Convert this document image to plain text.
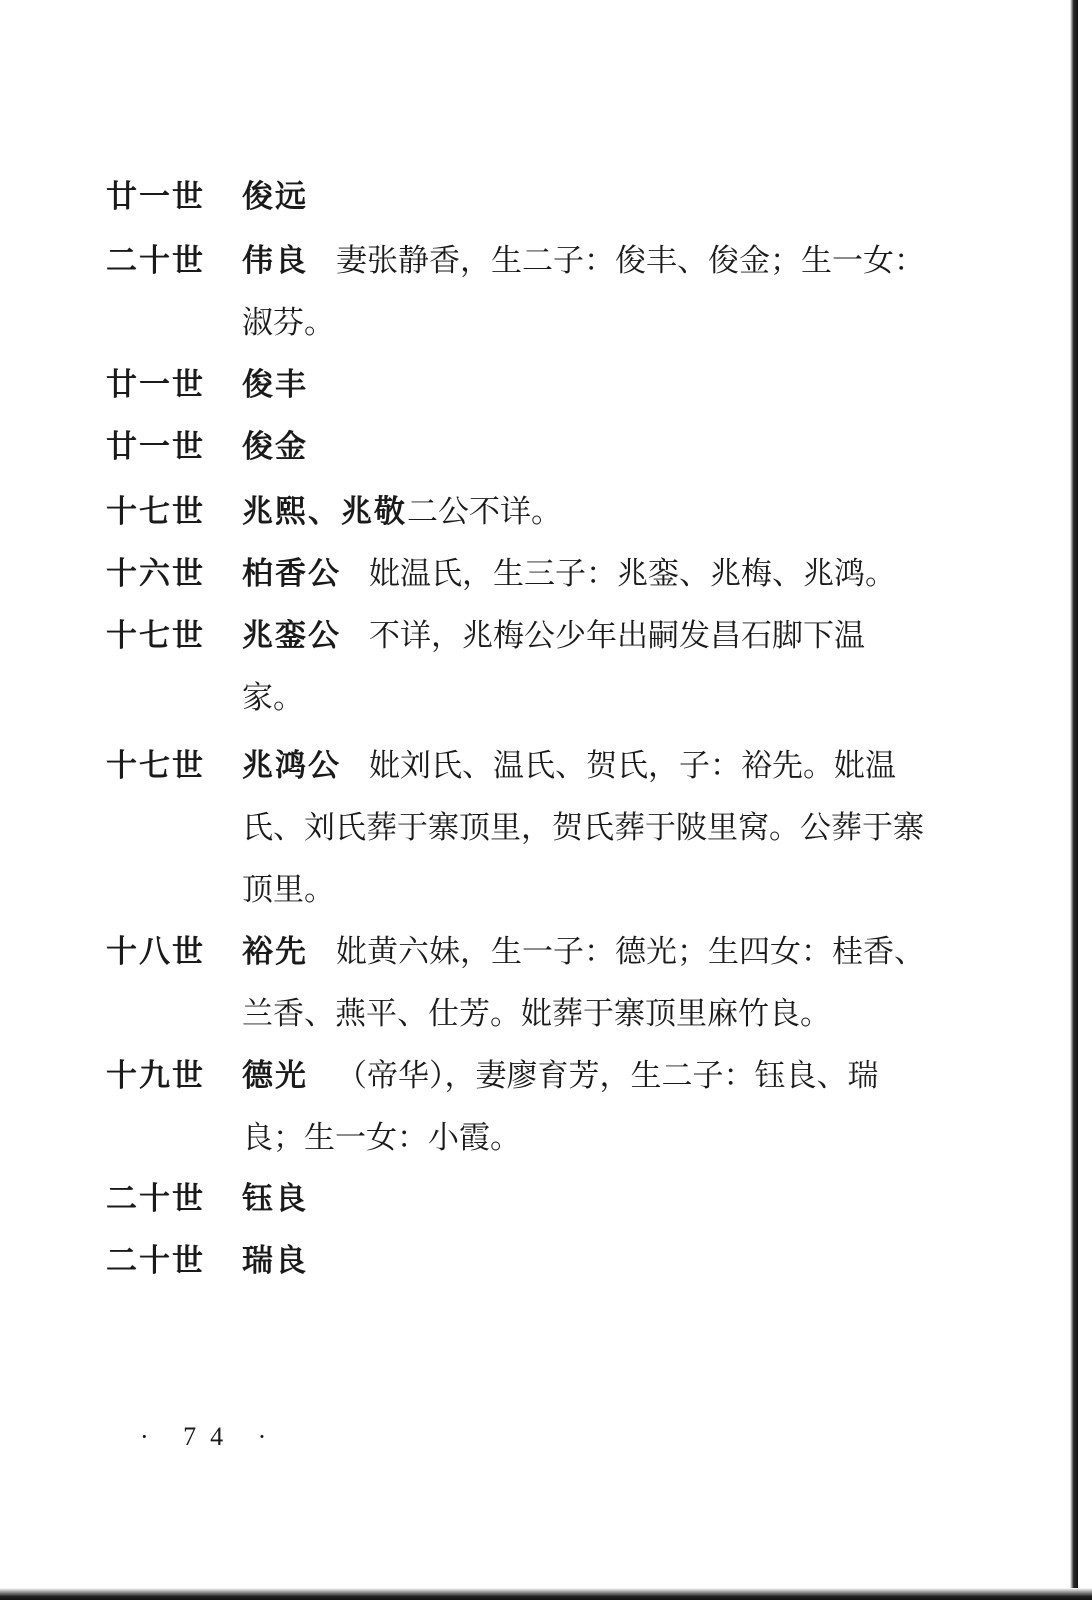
廿一世	俊远
二十世	伟良 妻张静香，生二子：俊丰、俊金；生一女：淑芬。
廿一世	俊丰
廿一世	俊金
十七世	兆熙、兆敬二公不详。
十六世	柏香公 妣温氏，生三子：兆銮、兆梅、兆鸿。
十七世	兆銮公 不详，兆梅公少年出嗣发昌石脚下温家。
十七世	兆鸿公 妣刘氏、温氏、贺氏，子：裕先。妣温氏、刘氏葬于寨顶里，贺氏葬于陂里窝。公葬于寨顶里。
十八世	裕先 妣黄六妹，生一子：德光；生四女：桂香、兰香、燕平、仕芳。妣葬于寨顶里麻竹良。
十九世	德光 （帝华），妻廖育芳，生二子：钰良、瑞良；生一女：小霞。
二十世	钰良
二十世	瑞良
· 74 ·
